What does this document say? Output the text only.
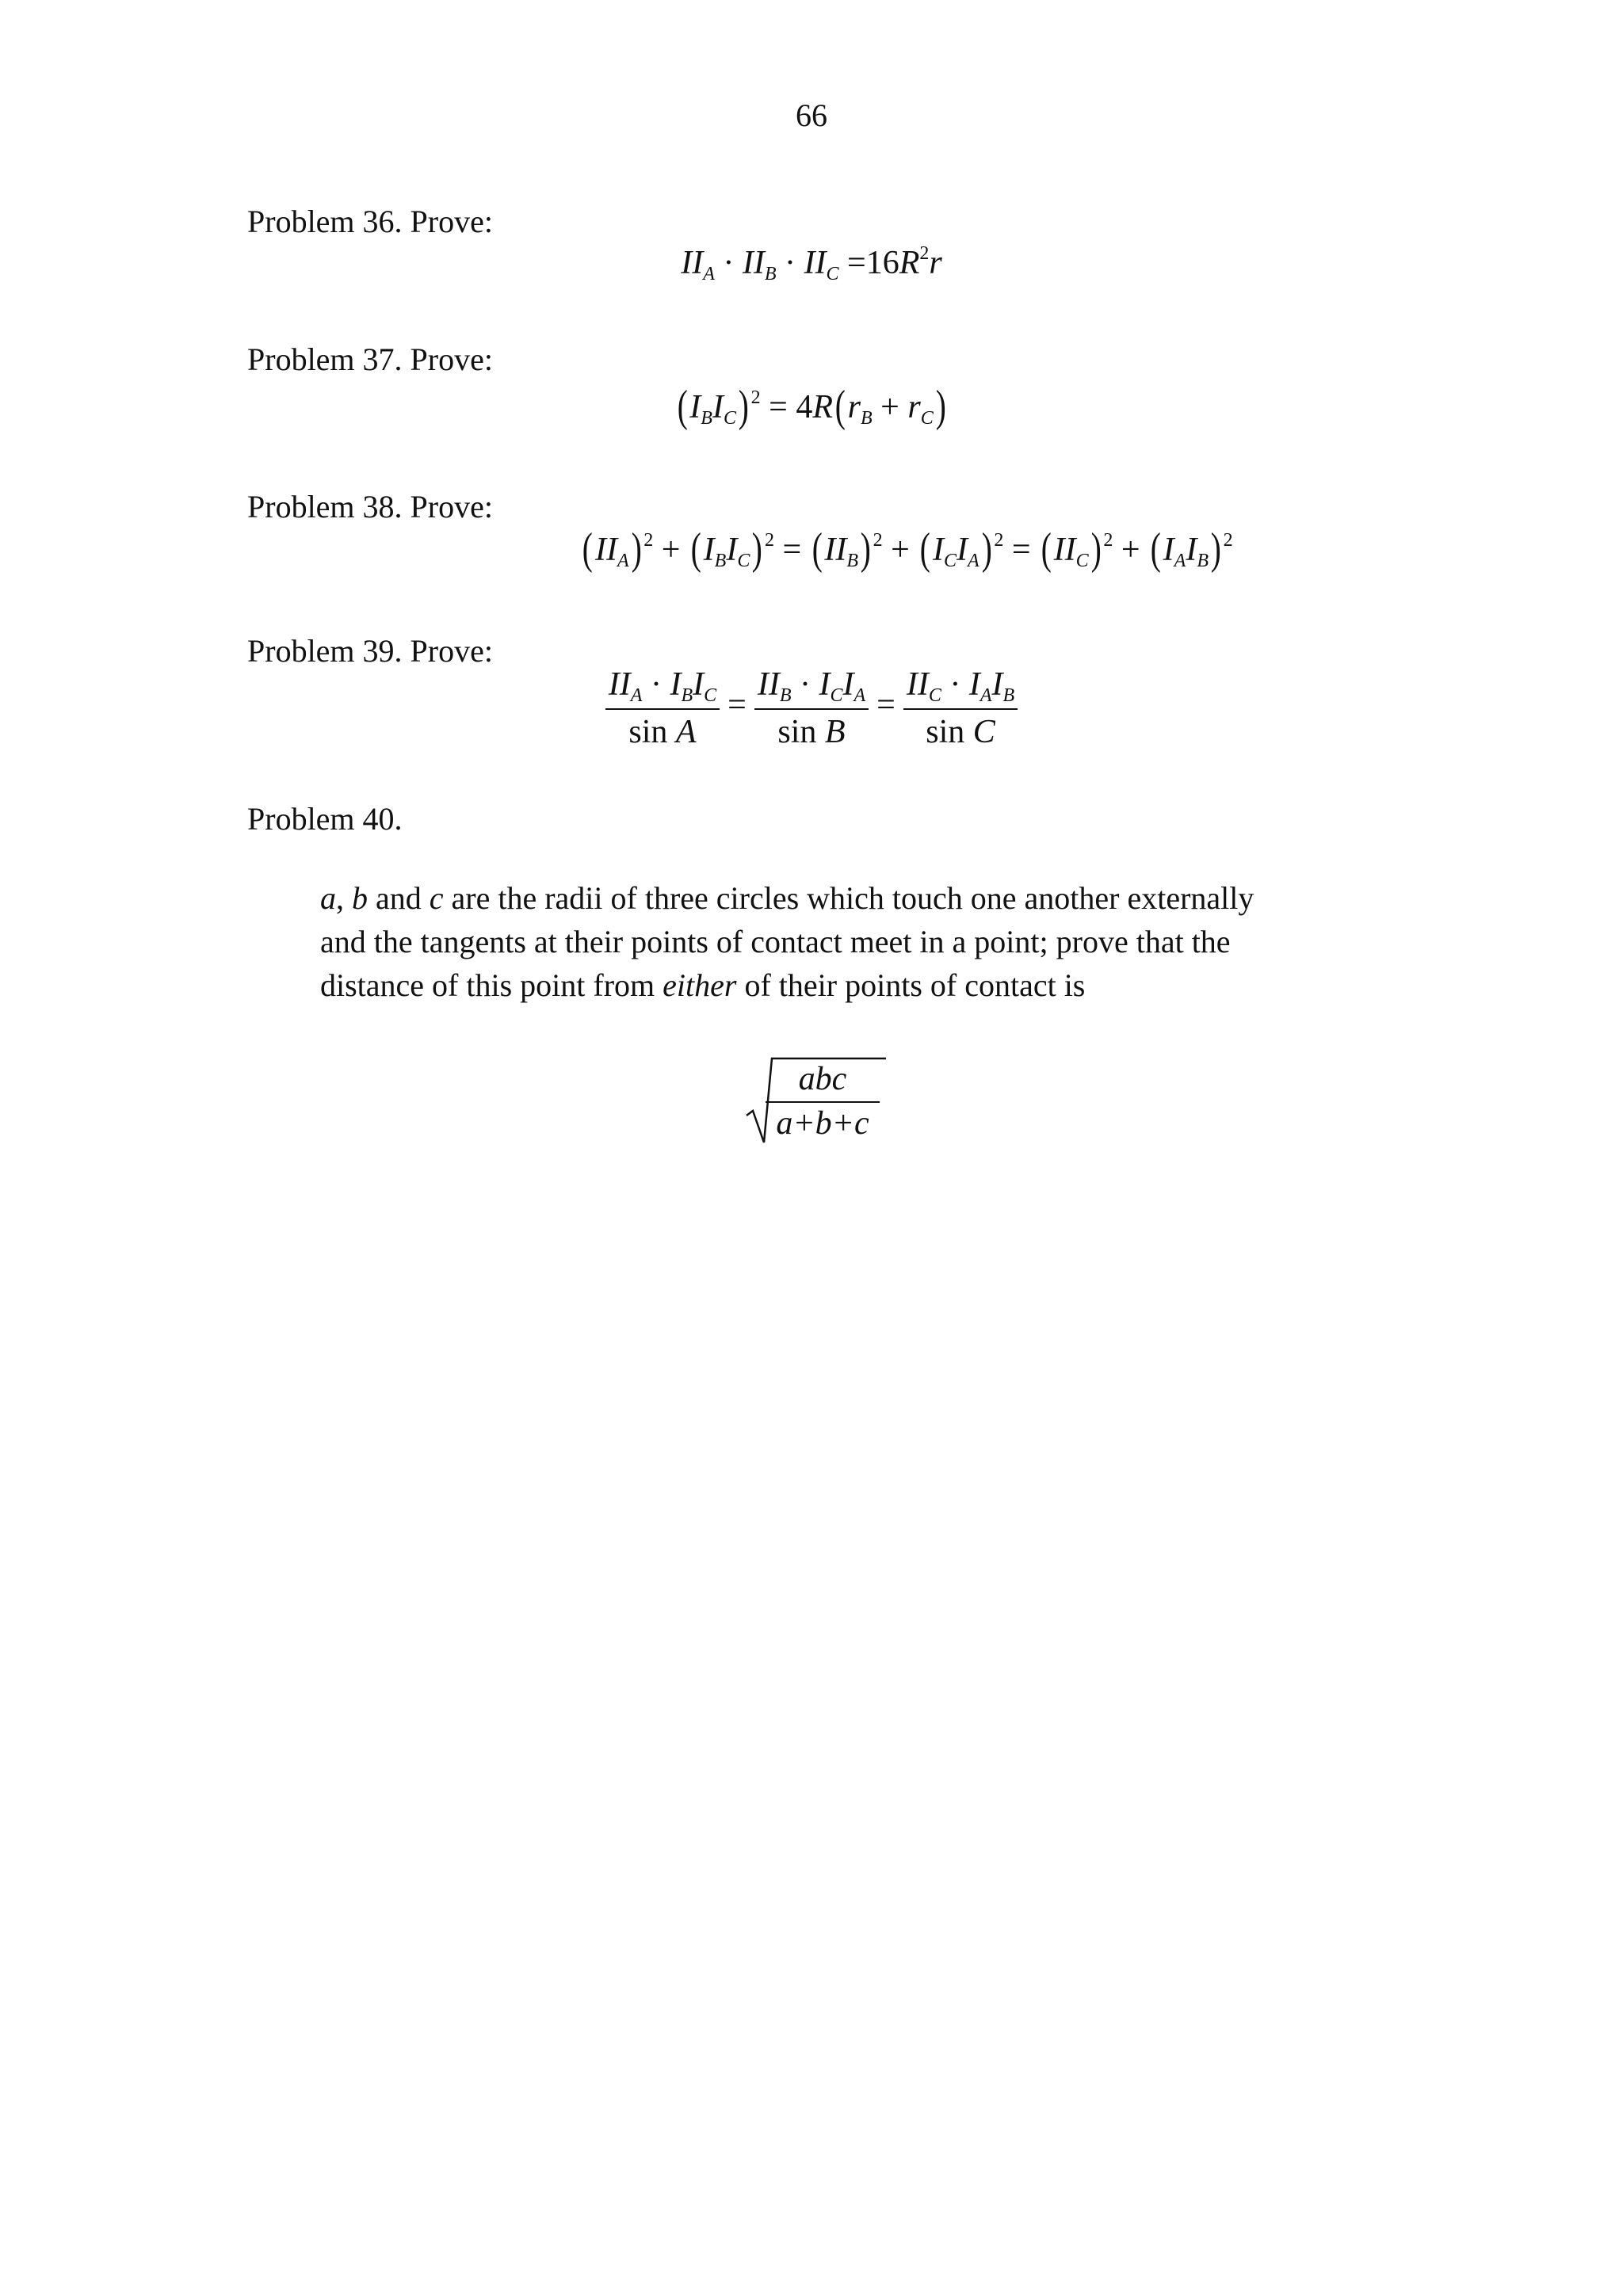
66
Problem 36. Prove:
$II_A \cdot II_B \cdot II_C =16R^2r$
Problem 37. Prove:
$(I_BI_C) ^2 = 4R(r_B + r_C)$
Problem 38. Prove:
$(II_A) ^2 + (I_BI_C) ^2 = (II_B) ^2 + (I_CI_A) ^2 = (II_C) ^2 + (I_AI_B)$ $^2$
Problem 39. Prove:
$\frac{II_A \cdot I_BI_C}{\text{sin A}} = \frac{II_B \cdot I_CI_A}{\text{sin B}} = \frac{II_C \cdot I_AI_B}{\text{sin C}}$
Problem 40.

a, b and c are the radii of three circles which touch one another externally

and the tangents at their points of contact meet in a point; prove that the

distance of this point from either of their points of contact is

abc
a+b+c
